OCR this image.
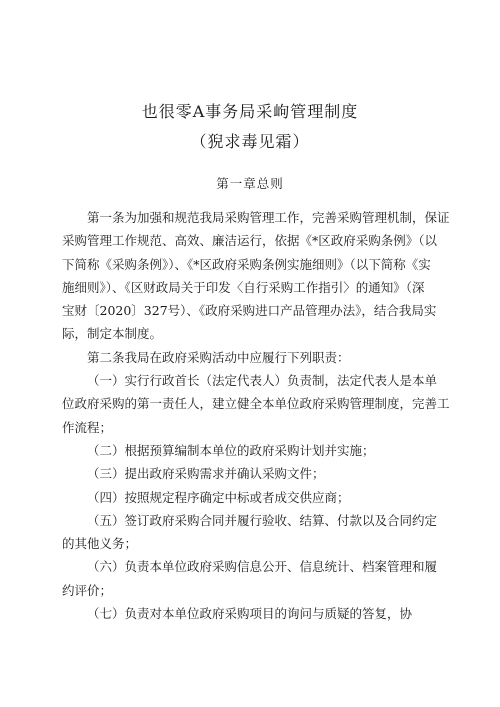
也很零A事务局采岣管理制度
（猊求毒见霜）
第一章总则
第一条为加强和规范我局采购管理工作，完善采购管理机制，保证
采购管理工作规范、高效、廉洁运行，依据《*区政府采购条例》（以
下简称《采购条例》）、《*区政府采购条例实施细则》（以下简称《实
施细则》）、《区财政局关于印发〈自行采购工作指引〉的通知》（深
宝财〔2020〕327号）、《政府采购进口产品管理办法》，结合我局实
际，制定本制度。
第二条我局在政府采购活动中应履行下列职责：
（一）实行行政首长（法定代表人）负责制，法定代表人是本单
位政府采购的第一责任人，建立健全本单位政府采购管理制度，完善工
作流程；
（二）根据预算编制本单位的政府采购计划并实施；
（三）提出政府采购需求并确认采购文件；
（四）按照规定程序确定中标或者成交供应商；
（五）签订政府采购合同并履行验收、结算、付款以及合同约定
的其他义务；
（六）负责本单位政府采购信息公开、信息统计、档案管理和履
约评价；
（七）负责对本单位政府采购项目的询问与质疑的答复，协
